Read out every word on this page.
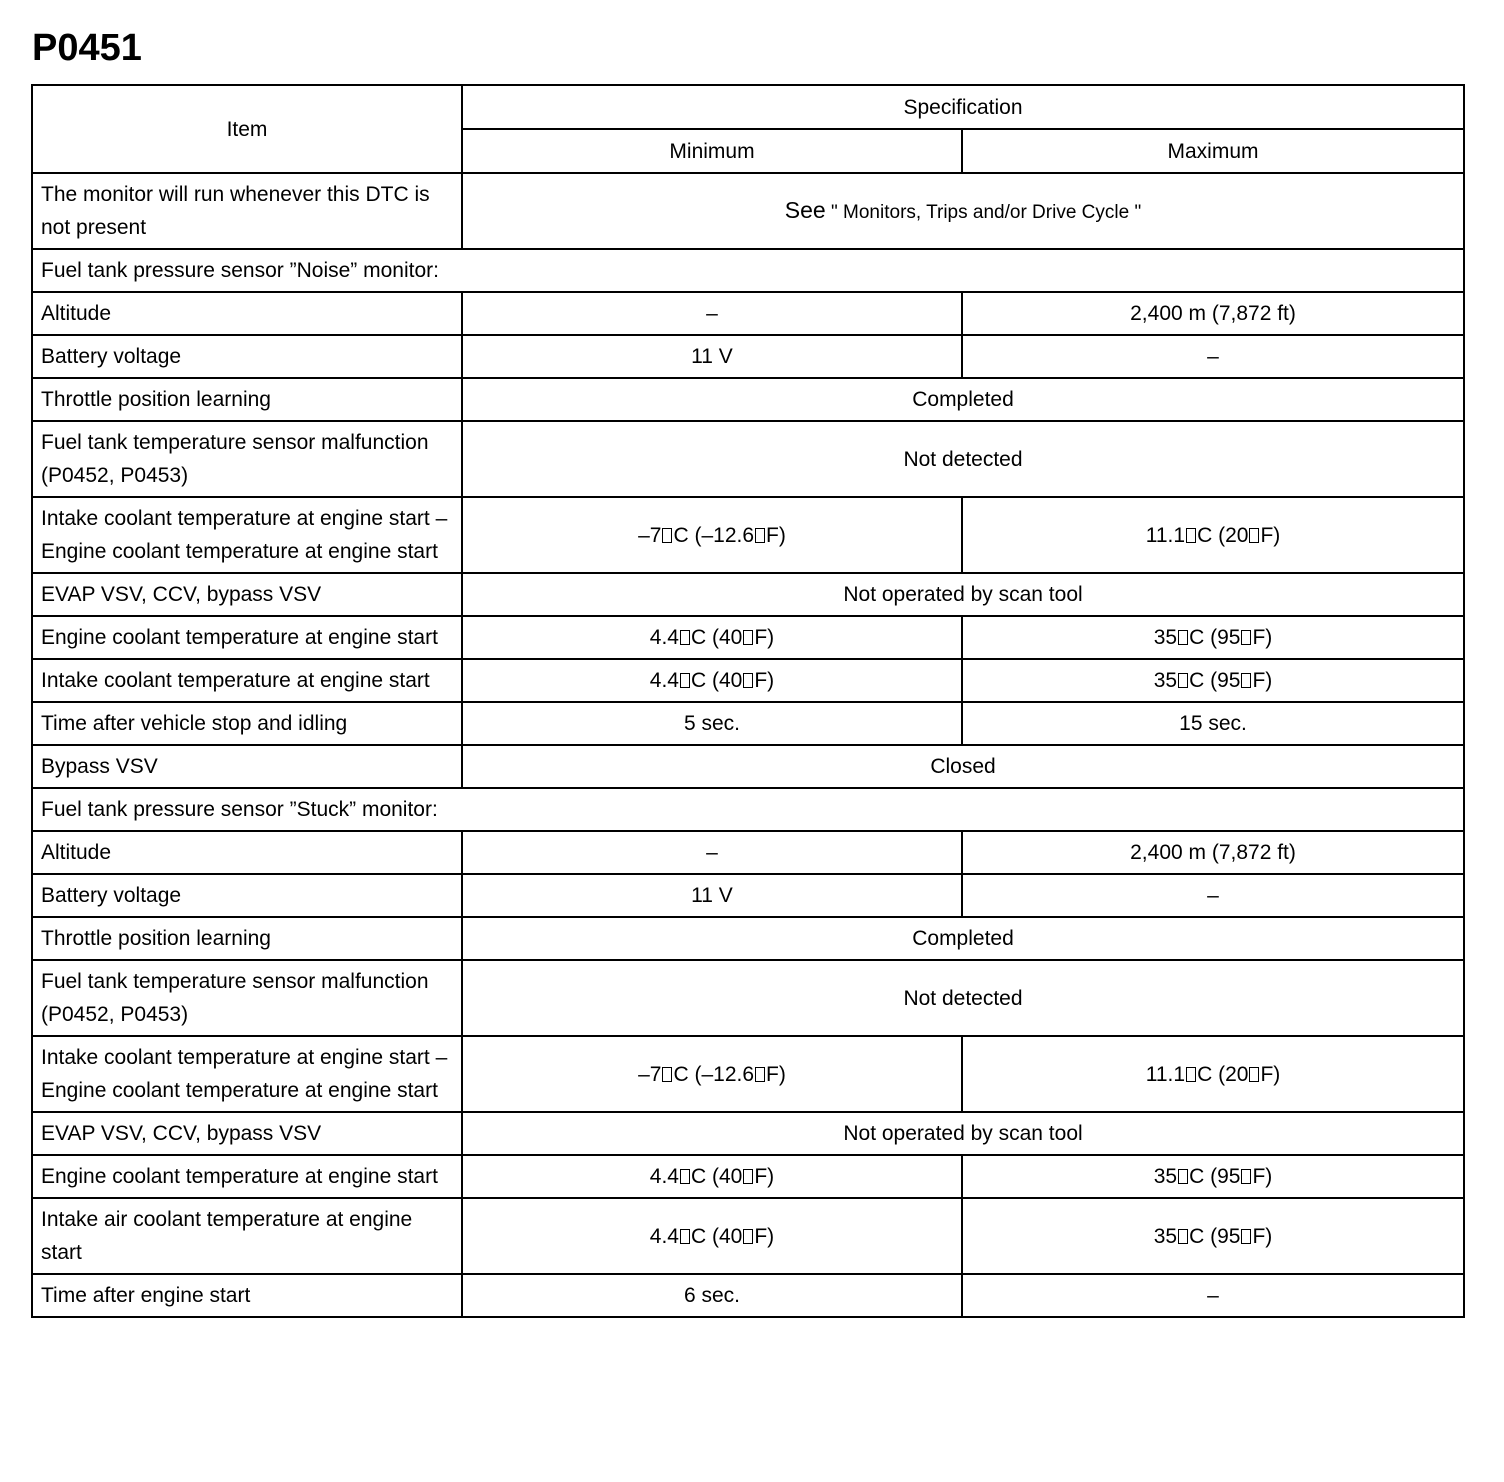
P0451
Item	Specification	
	Minimum	Maximum
The monitor will run whenever this DTC is not present	See " Monitors, Trips and/or Drive Cycle "	
Fuel tank pressure sensor ”Noise” monitor:		
Altitude	–	2,400 m (7,872 ft)
Battery voltage	11 V	–
Throttle position learning	Completed	
Fuel tank temperature sensor malfunction (P0452, P0453)	Not detected	
Intake coolant temperature at engine start – Engine coolant temperature at engine start	–7 C (–12.6 F)	11.1 C (20 F)
EVAP VSV, CCV, bypass VSV	Not operated by scan tool	
Engine coolant temperature at engine start	4.4 C (40 F)	35 C (95 F)
Intake coolant temperature at engine start	4.4 C (40 F)	35 C (95 F)
Time after vehicle stop and idling	5 sec.	15 sec.
Bypass VSV	Closed	
Fuel tank pressure sensor ”Stuck” monitor:		
Altitude	–	2,400 m (7,872 ft)
Battery voltage	11 V	–
Throttle position learning	Completed	
Fuel tank temperature sensor malfunction (P0452, P0453)	Not detected	
Intake coolant temperature at engine start – Engine coolant temperature at engine start	–7 C (–12.6 F)	11.1 C (20 F)
EVAP VSV, CCV, bypass VSV	Not operated by scan tool	
Engine coolant temperature at engine start	4.4 C (40 F)	35 C (95 F)
Intake air coolant temperature at engine start	4.4 C (40 F)	35 C (95 F)
Time after engine start	6 sec.	–
